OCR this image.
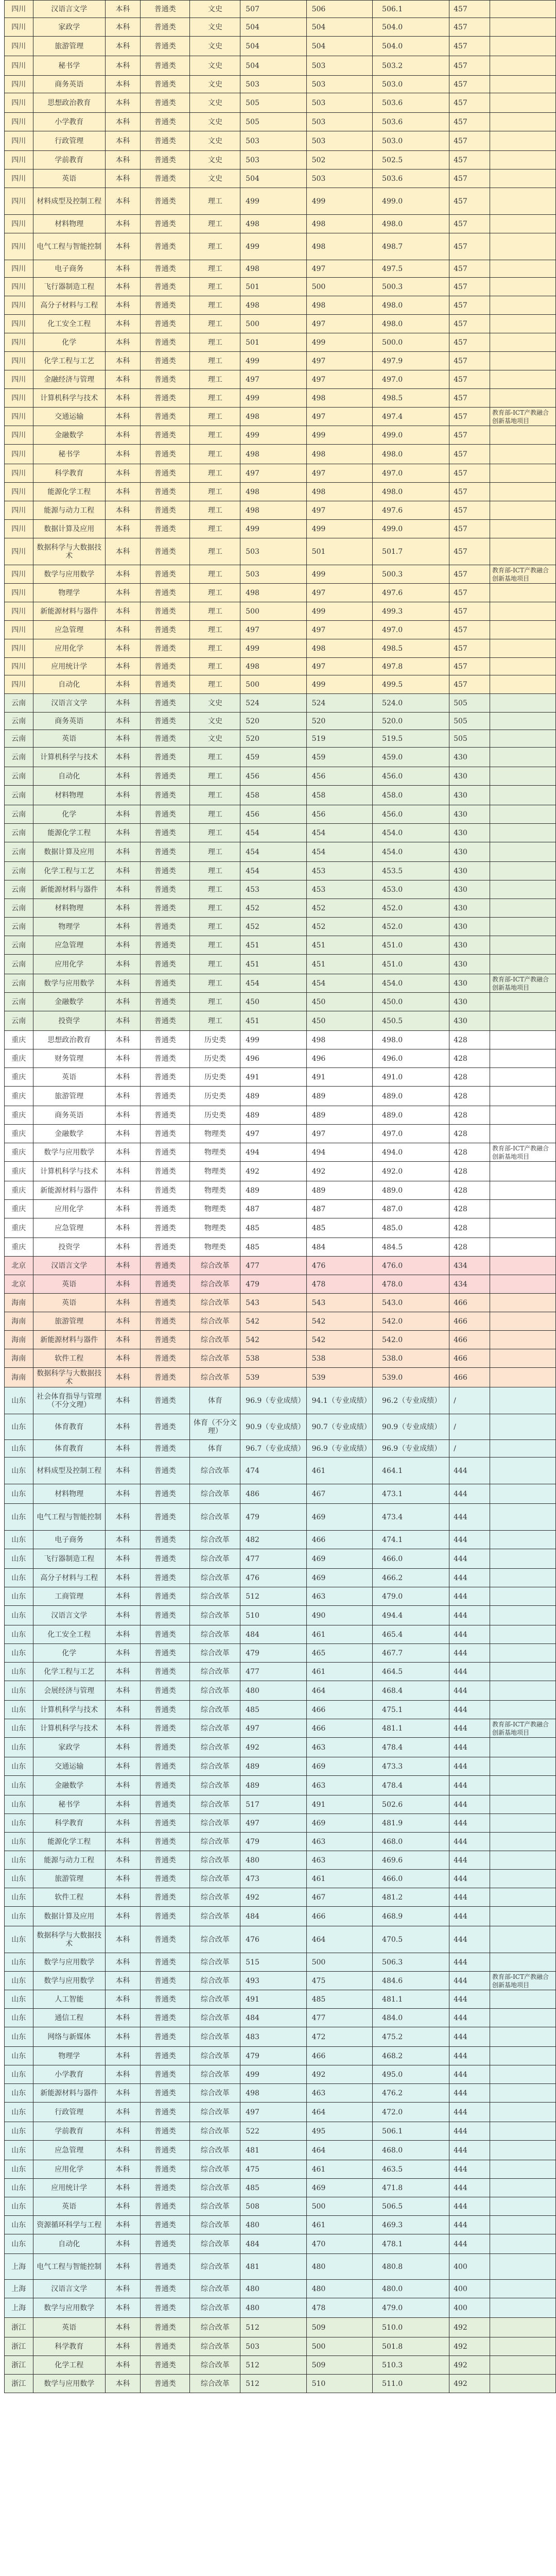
四川	汉语言文学	本科	普通类	文史	507	506	506.1	457	
四川	家政学	本科	普通类	文史	504	504	504.0	457	
四川	旅游管理	本科	普通类	文史	504	504	504.0	457	
四川	秘书学	本科	普通类	文史	504	503	503.2	457	
四川	商务英语	本科	普通类	文史	503	503	503.0	457	
四川	思想政治教育	本科	普通类	文史	505	503	503.6	457	
四川	小学教育	本科	普通类	文史	505	503	503.6	457	
四川	行政管理	本科	普通类	文史	503	503	503.0	457	
四川	学前教育	本科	普通类	文史	503	502	502.5	457	
四川	英语	本科	普通类	文史	504	503	503.6	457	
四川	材料成型及控制工程	本科	普通类	理工	499	499	499.0	457	
四川	材料物理	本科	普通类	理工	498	498	498.0	457	
四川	电气工程与智能控制	本科	普通类	理工	499	498	498.7	457	
四川	电子商务	本科	普通类	理工	498	497	497.5	457	
四川	飞行器制造工程	本科	普通类	理工	501	500	500.3	457	
四川	高分子材料与工程	本科	普通类	理工	498	498	498.0	457	
四川	化工安全工程	本科	普通类	理工	500	497	498.0	457	
四川	化学	本科	普通类	理工	501	499	500.0	457	
四川	化学工程与工艺	本科	普通类	理工	499	497	497.9	457	
四川	金融经济与管理	本科	普通类	理工	497	497	497.0	457	
四川	计算机科学与技术	本科	普通类	理工	499	498	498.5	457	
四川	交通运输	本科	普通类	理工	498	497	497.4	457	教育部-ICT产教融合创新基地项目
四川	金融数学	本科	普通类	理工	499	499	499.0	457	
四川	秘书学	本科	普通类	理工	498	498	498.0	457	
四川	科学教育	本科	普通类	理工	497	497	497.0	457	
四川	能源化学工程	本科	普通类	理工	498	498	498.0	457	
四川	能源与动力工程	本科	普通类	理工	498	497	497.6	457	
四川	数据计算及应用	本科	普通类	理工	499	499	499.0	457	
四川	数据科学与大数据技术	本科	普通类	理工	503	501	501.7	457	
四川	数学与应用数学	本科	普通类	理工	503	499	500.3	457	教育部-ICT产教融合创新基地项目
四川	物理学	本科	普通类	理工	498	497	497.6	457	
四川	新能源材料与器件	本科	普通类	理工	500	499	499.3	457	
四川	应急管理	本科	普通类	理工	497	497	497.0	457	
四川	应用化学	本科	普通类	理工	499	498	498.5	457	
四川	应用统计学	本科	普通类	理工	498	497	497.8	457	
四川	自动化	本科	普通类	理工	500	499	499.5	457	
云南	汉语言文学	本科	普通类	文史	524	524	524.0	505	
云南	商务英语	本科	普通类	文史	520	520	520.0	505	
云南	英语	本科	普通类	文史	520	519	519.5	505	
云南	计算机科学与技术	本科	普通类	理工	459	459	459.0	430	
云南	自动化	本科	普通类	理工	456	456	456.0	430	
云南	材料物理	本科	普通类	理工	458	458	458.0	430	
云南	化学	本科	普通类	理工	456	456	456.0	430	
云南	能源化学工程	本科	普通类	理工	454	454	454.0	430	
云南	数据计算及应用	本科	普通类	理工	454	454	454.0	430	
云南	化学工程与工艺	本科	普通类	理工	454	453	453.5	430	
云南	新能源材料与器件	本科	普通类	理工	453	453	453.0	430	
云南	材料物理	本科	普通类	理工	452	452	452.0	430	
云南	物理学	本科	普通类	理工	452	452	452.0	430	
云南	应急管理	本科	普通类	理工	451	451	451.0	430	
云南	应用化学	本科	普通类	理工	451	451	451.0	430	
云南	数学与应用数学	本科	普通类	理工	454	454	454.0	430	教育部-ICT产教融合创新基地项目
云南	金融数学	本科	普通类	理工	450	450	450.0	430	
云南	投资学	本科	普通类	理工	451	450	450.5	430	
重庆	思想政治教育	本科	普通类	历史类	499	498	498.0	428	
重庆	财务管理	本科	普通类	历史类	496	496	496.0	428	
重庆	英语	本科	普通类	历史类	491	491	491.0	428	
重庆	旅游管理	本科	普通类	历史类	489	489	489.0	428	
重庆	商务英语	本科	普通类	历史类	489	489	489.0	428	
重庆	金融数学	本科	普通类	物理类	497	497	497.0	428	
重庆	数学与应用数学	本科	普通类	物理类	494	494	494.0	428	教育部-ICT产教融合创新基地项目
重庆	计算机科学与技术	本科	普通类	物理类	492	492	492.0	428	
重庆	新能源材料与器件	本科	普通类	物理类	489	489	489.0	428	
重庆	应用化学	本科	普通类	物理类	487	487	487.0	428	
重庆	应急管理	本科	普通类	物理类	485	485	485.0	428	
重庆	投资学	本科	普通类	物理类	485	484	484.5	428	
北京	汉语言文学	本科	普通类	综合改革	477	476	476.0	434	
北京	英语	本科	普通类	综合改革	479	478	478.0	434	
海南	英语	本科	普通类	综合改革	543	543	543.0	466	
海南	旅游管理	本科	普通类	综合改革	542	542	542.0	466	
海南	新能源材料与器件	本科	普通类	综合改革	542	542	542.0	466	
海南	软件工程	本科	普通类	综合改革	538	538	538.0	466	
海南	数据科学与大数据技术	本科	普通类	综合改革	539	539	539.0	466	
山东	社会体育指导与管理（不分文理）	本科	普通类	体育	96.9（专业成绩）	94.1（专业成绩）	96.2（专业成绩）	/	
山东	体育教育	本科	普通类	体育（不分文理）	90.9（专业成绩）	90.7（专业成绩）	90.9（专业成绩）	/	
山东	体育教育	本科	普通类	体育	96.7（专业成绩）	96.9（专业成绩）	96.9（专业成绩）	/	
山东	材料成型及控制工程	本科	普通类	综合改革	474	461	464.1	444	
山东	材料物理	本科	普通类	综合改革	486	467	473.1	444	
山东	电气工程与智能控制	本科	普通类	综合改革	479	469	473.4	444	
山东	电子商务	本科	普通类	综合改革	482	466	474.1	444	
山东	飞行器制造工程	本科	普通类	综合改革	477	469	466.0	444	
山东	高分子材料与工程	本科	普通类	综合改革	476	469	466.2	444	
山东	工商管理	本科	普通类	综合改革	512	463	479.0	444	
山东	汉语言文学	本科	普通类	综合改革	510	490	494.4	444	
山东	化工安全工程	本科	普通类	综合改革	484	461	465.4	444	
山东	化学	本科	普通类	综合改革	479	465	467.7	444	
山东	化学工程与工艺	本科	普通类	综合改革	477	461	464.5	444	
山东	会展经济与管理	本科	普通类	综合改革	480	464	468.4	444	
山东	计算机科学与技术	本科	普通类	综合改革	485	466	475.1	444	
山东	计算机科学与技术	本科	普通类	综合改革	497	466	481.1	444	教育部-ICT产教融合创新基地项目
山东	家政学	本科	普通类	综合改革	492	463	478.4	444	
山东	交通运输	本科	普通类	综合改革	489	469	473.3	444	
山东	金融数学	本科	普通类	综合改革	489	463	478.4	444	
山东	秘书学	本科	普通类	综合改革	517	491	502.6	444	
山东	科学教育	本科	普通类	综合改革	497	469	481.9	444	
山东	能源化学工程	本科	普通类	综合改革	479	463	468.0	444	
山东	能源与动力工程	本科	普通类	综合改革	480	463	469.6	444	
山东	旅游管理	本科	普通类	综合改革	473	461	466.0	444	
山东	软件工程	本科	普通类	综合改革	492	467	481.2	444	
山东	数据计算及应用	本科	普通类	综合改革	484	466	468.9	444	
山东	数据科学与大数据技术	本科	普通类	综合改革	476	464	470.5	444	
山东	数学与应用数学	本科	普通类	综合改革	515	500	506.3	444	
山东	数学与应用数学	本科	普通类	综合改革	493	475	484.6	444	教育部-ICT产教融合创新基地项目
山东	人工智能	本科	普通类	综合改革	491	485	481.1	444	
山东	通信工程	本科	普通类	综合改革	484	477	484.0	444	
山东	网络与新媒体	本科	普通类	综合改革	483	472	475.2	444	
山东	物理学	本科	普通类	综合改革	479	466	468.2	444	
山东	小学教育	本科	普通类	综合改革	499	492	495.0	444	
山东	新能源材料与器件	本科	普通类	综合改革	498	463	476.2	444	
山东	行政管理	本科	普通类	综合改革	497	464	472.0	444	
山东	学前教育	本科	普通类	综合改革	522	495	506.1	444	
山东	应急管理	本科	普通类	综合改革	481	464	468.0	444	
山东	应用化学	本科	普通类	综合改革	475	461	463.5	444	
山东	应用统计学	本科	普通类	综合改革	485	469	471.8	444	
山东	英语	本科	普通类	综合改革	508	500	506.5	444	
山东	资源循环科学与工程	本科	普通类	综合改革	480	461	469.3	444	
山东	自动化	本科	普通类	综合改革	484	470	478.1	444	
上海	电气工程与智能控制	本科	普通类	综合改革	481	480	480.8	400	
上海	汉语言文学	本科	普通类	综合改革	480	480	480.0	400	
上海	数学与应用数学	本科	普通类	综合改革	480	478	479.0	400	
浙江	英语	本科	普通类	综合改革	512	509	510.0	492	
浙江	科学教育	本科	普通类	综合改革	503	500	501.8	492	
浙江	化学工程	本科	普通类	综合改革	512	509	510.3	492	
浙江	数学与应用数学	本科	普通类	综合改革	512	510	511.0	492	
